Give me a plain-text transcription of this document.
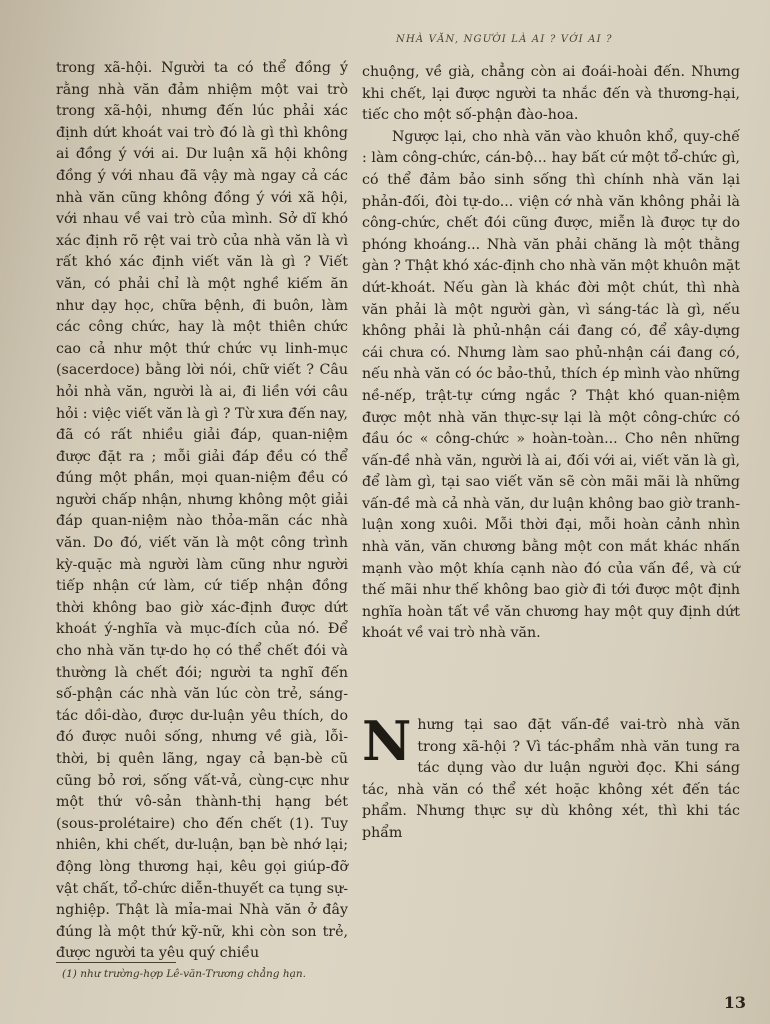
NHÀ VĂN, NGƯỜI LÀ AI ? VỚI AI ?

trong xã-hội. Người ta có thể đồng ý rằng nhà văn đảm nhiệm một vai trò trong xã-hội, nhưng đến lúc phải xác định dứt khoát vai trò đó là gì thì không ai đồng ý với ai. Dư luận xã hội không đồng ý với nhau đã vậy mà ngay cả các nhà văn cũng không đồng ý với xã hội, với nhau về vai trò của mình. Sở dĩ khó xác định rõ rệt vai trò của nhà văn là vì rất khó xác định viết văn là gì ? Viết văn, có phải chỉ là một nghề kiếm ăn như dạy học, chữa bệnh, đi buôn, làm các công chức, hay là một thiên chức cao cả như một thứ chức vụ linh-mục (sacerdoce) bằng lời nói, chữ viết ? Câu hỏi nhà văn, người là ai, đi liền với câu hỏi : việc viết văn là gì ? Từ xưa đến nay, đã có rất nhiều giải đáp, quan-niệm được đặt ra ; mỗi giải đáp đều có thể đúng một phần, mọi quan-niệm đều có người chấp nhận, nhưng không một giải đáp quan-niệm nào thỏa-mãn các nhà văn. Do đó, viết văn là một công trình kỳ-quặc mà người làm cũng như người tiếp nhận cứ làm, cứ tiếp nhận đồng thời không bao giờ xác-định được dứt khoát ý-nghĩa và mục-đích của nó. Để cho nhà văn tự-do họ có thể chết đói và thường là chết đói; người ta nghĩ đến số-phận các nhà văn lúc còn trẻ, sáng-tác dồi-dào, được dư-luận yêu thích, do đó được nuôi sống, nhưng về già, lỗi-thời, bị quên lãng, ngay cả bạn-bè cũ cũng bỏ rơi, sống vất-vả, cùng-cực như một thứ vô-sản thành-thị hạng bét (sous-prolétaire) cho đến chết (1). Tuy nhiên, khi chết, dư-luận, bạn bè nhớ lại; động lòng thương hại, kêu gọi giúp-đỡ vật chất, tổ-chức diễn-thuyết ca tụng sự-nghiệp. Thật là mỉa-mai Nhà văn ở đây đúng là một thứ kỹ-nữ, khi còn son trẻ, được người ta yêu quý chiều

chuộng, về già, chẳng còn ai đoái-hoài đến. Nhưng khi chết, lại được người ta nhắc đến và thương-hại, tiếc cho một số-phận đào-hoa.

Ngược lại, cho nhà văn vào khuôn khổ, quy-chế : làm công-chức, cán-bộ... hay bất cứ một tổ-chức gì, có thể đảm bảo sinh sống thì chính nhà văn lại phản-đối, đòi tự-do... viện cớ nhà văn không phải là công-chức, chết đói cũng được, miễn là được tự do phóng khoáng... Nhà văn phải chăng là một thằng gàn ? Thật khó xác-định cho nhà văn một khuôn mặt dứt-khoát. Nếu gàn là khác đời một chút, thì nhà văn phải là một người gàn, vì sáng-tác là gì, nếu không phải là phủ-nhận cái đang có, để xây-dựng cái chưa có. Nhưng làm sao phủ-nhận cái đang có, nếu nhà văn có óc bảo-thủ, thích ép mình vào những nề-nếp, trật-tự cứng ngắc ? Thật khó quan-niệm được một nhà văn thực-sự lại là một công-chức có đầu óc « công-chức » hoàn-toàn... Cho nên những vấn-đề nhà văn, người là ai, đối với ai, viết văn là gì, để làm gì, tại sao viết văn sẽ còn mãi mãi là những vấn-đề mà cả nhà văn, dư luận không bao giờ tranh-luận xong xuôi. Mỗi thời đại, mỗi hoàn cảnh nhìn nhà văn, văn chương bằng một con mắt khác nhấn mạnh vào một khía cạnh nào đó của vấn đề, và cứ thế mãi như thế không bao giờ đi tới được một định nghĩa hoàn tất về văn chương hay một quy định dứt khoát về vai trò nhà văn.

Nhưng tại sao đặt vấn-đề vai-trò nhà văn trong xã-hội ? Vì tác-phẩm nhà văn tung ra tác dụng vào dư luận người đọc. Khi sáng tác, nhà văn có thể xét hoặc không xét đến tác phẩm. Nhưng thực sự dù không xét, thì khi tác phẩm

(1) như trường-hợp Lê-văn-Trương chẳng hạn.
13
